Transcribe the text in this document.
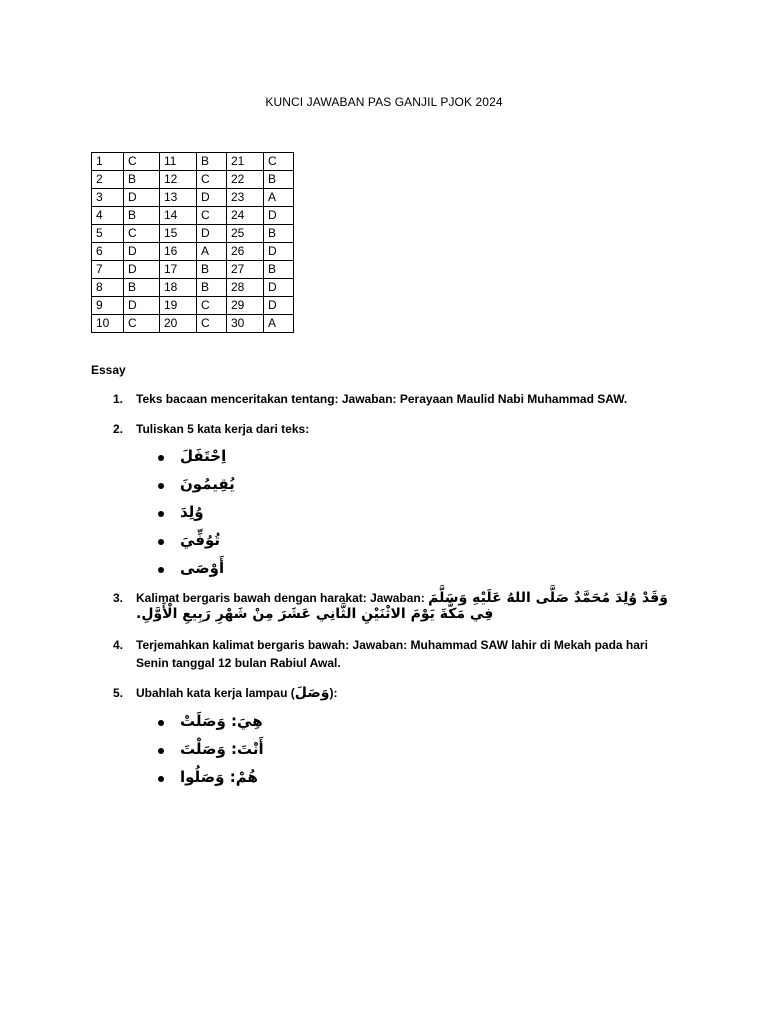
KUNCI JAWABAN PAS GANJIL PJOK 2024
1	C	11	B	21	C
2	B	12	C	22	B
3	D	13	D	23	A
4	B	14	C	24	D
5	C	15	D	25	B
6	D	16	A	26	D
7	D	17	B	27	B
8	B	18	B	28	D
9	D	19	C	29	D
10	C	20	C	30	A
Essay
1.	Teks bacaan menceritakan tentang: Jawaban: Perayaan Maulid Nabi Muhammad SAW.
2.	Tuliskan 5 kata kerja dari teks:
اِحْتَفَلَ
يُقِيمُونَ
وُلِدَ
تُوُفِّيَ
أَوْصَى
3.	Kalimat bergaris bawah dengan harakat: Jawaban: وَقَدْ وُلِدَ مُحَمَّدٌ صَلَّى اللهُ عَلَيْهِ وَسَلَّمَ
فِي مَكَّةَ يَوْمَ الاثْنَيْنِ الثَّانِي عَشَرَ مِنْ شَهْرِ رَبِيعِ الْأَوَّلِ.
4.	Terjemahkan kalimat bergaris bawah: Jawaban: Muhammad SAW lahir di Mekah pada hari
Senin tanggal 12 bulan Rabiul Awal.
5.	Ubahlah kata kerja lampau (وَصَلَ):
هِيَ: وَصَلَتْ
أَنْتَ: وَصَلْتَ
هُمْ: وَصَلُوا
